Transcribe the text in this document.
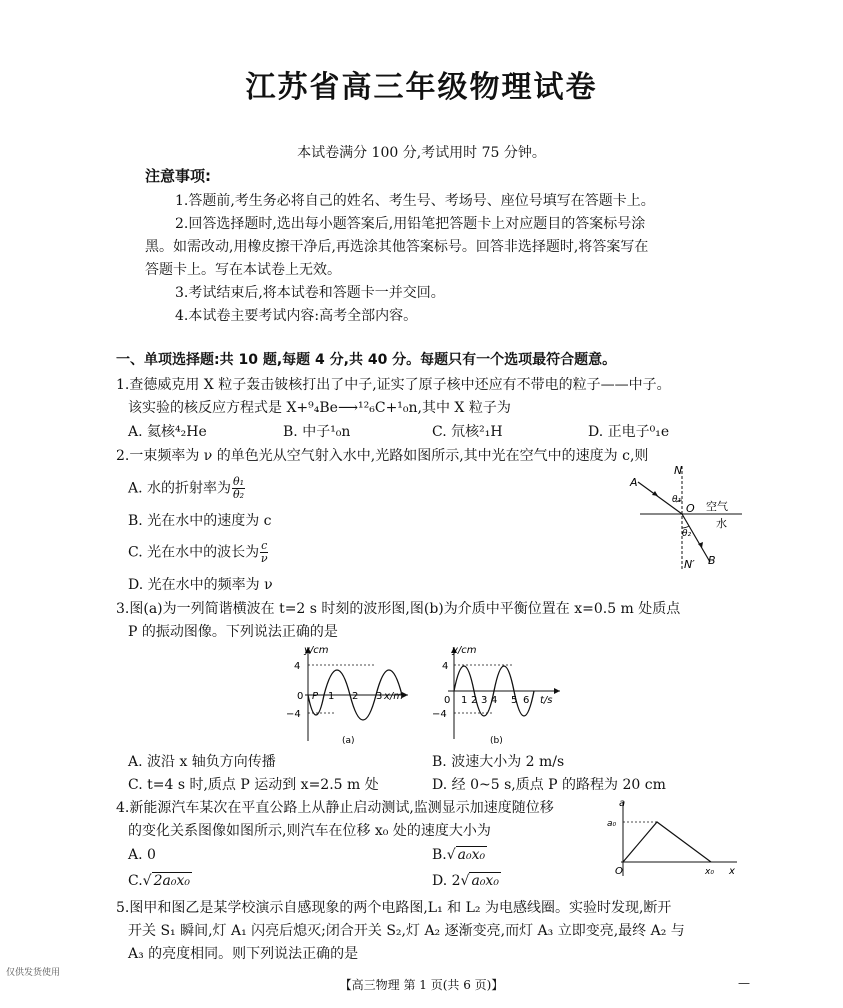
江苏省高三年级物理试卷
本试卷满分 100 分,考试用时 75 分钟。
注意事项:
1.答题前,考生务必将自己的姓名、考生号、考场号、座位号填写在答题卡上。
2.回答选择题时,选出每小题答案后,用铅笔把答题卡上对应题目的答案标号涂
黑。如需改动,用橡皮擦干净后,再选涂其他答案标号。回答非选择题时,将答案写在
答题卡上。写在本试卷上无效。
3.考试结束后,将本试卷和答题卡一并交回。
4.本试卷主要考试内容:高考全部内容。
一、单项选择题:共 10 题,每题 4 分,共 40 分。每题只有一个选项最符合题意。
1.查德威克用 X 粒子轰击铍核打出了中子,证实了原子核中还应有不带电的粒子——中子。
该实验的核反应方程式是 X+⁹₄Be⟶¹²₆C+¹₀n,其中 X 粒子为
A. 氦核⁴₂He	B. 中子¹₀n	C. 氘核²₁H	D. 正电子⁰₁e
2.一束频率为 ν 的单色光从空气射入水中,光路如图所示,其中光在空气中的速度为 c,则
A. 水的折射率为 $\frac{\text{θ₁}}{\text{θ₂}}$
B. 光在水中的速度为 c
C. 光在水中的波长为 $\frac{c}{\nu}$
D. 光在水中的频率为 ν
A
N
θ₁
O 空气
水
θ₂
N′ B
3.图(a)为一列简谐横波在 t=2 s 时刻的波形图,图(b)为介质中平衡位置在 x=0.5 m 处质点
P 的振动图像。下列说法正确的是
y/cm
4
−4
0 P 1 2 3 x/m
(a)
y/cm
4
−4
0 1 2 3 4 5 6 t/s
(b)
A. 波沿 x 轴负方向传播	B. 波速大小为 2 m/s
C. t=4 s 时,质点 P 运动到 x=2.5 m 处	D. 经 0~5 s,质点 P 的路程为 20 cm
4.新能源汽车某次在平直公路上从静止启动测试,监测显示加速度随位移
的变化关系图像如图所示,则汽车在位移 x₀ 处的速度大小为
A. 0	B.√ a₀x₀
C.√ 2a₀x₀	D. 2√ a₀x₀
a
a₀
O	x₀ x
5.图甲和图乙是某学校演示自感现象的两个电路图,L₁ 和 L₂ 为电感线圈。实验时发现,断开
开关 S₁ 瞬间,灯 A₁ 闪亮后熄灭;闭合开关 S₂,灯 A₂ 逐渐变亮,而灯 A₃ 立即变亮,最终 A₂ 与
A₃ 的亮度相同。则下列说法正确的是
【高三物理 第 1 页(共 6 页)】
仅供发货使用
—
